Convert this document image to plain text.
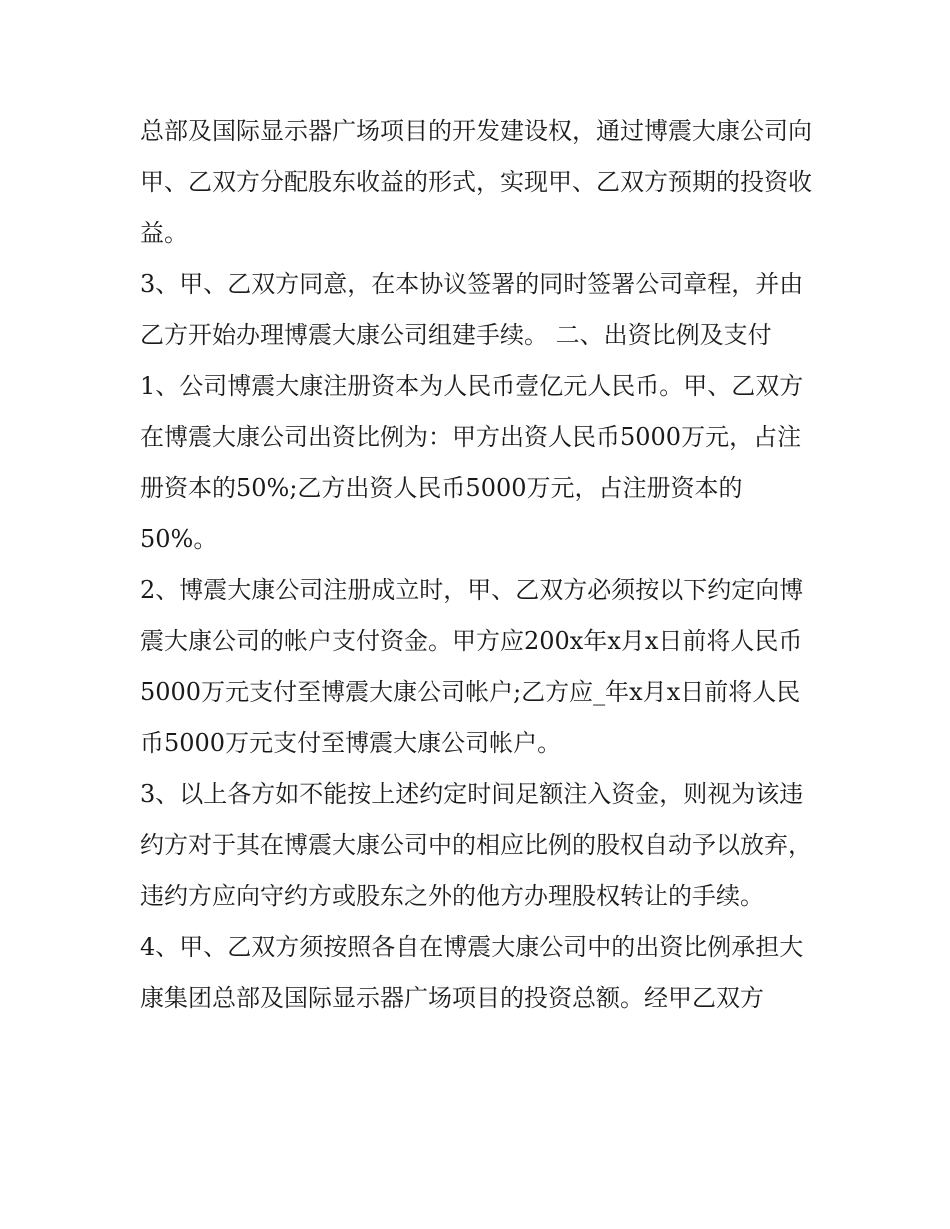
总部及国际显示器广场项目的开发建设权，通过博震大康公司向甲、乙双方分配股东收益的形式，实现甲、乙双方预期的投资收益。

3、甲、乙双方同意，在本协议签署的同时签署公司章程，并由乙方开始办理博震大康公司组建手续。 二、出资比例及支付

1、公司博震大康注册资本为人民币壹亿元人民币。甲、乙双方在博震大康公司出资比例为：甲方出资人民币5000万元，占注册资本的50%;乙方出资人民币5000万元，占注册资本的50%。

2、博震大康公司注册成立时，甲、乙双方必须按以下约定向博震大康公司的帐户支付资金。甲方应200x年x月x日前将人民币5000万元支付至博震大康公司帐户;乙方应_年x月x日前将人民币5000万元支付至博震大康公司帐户。

3、以上各方如不能按上述约定时间足额注入资金，则视为该违约方对于其在博震大康公司中的相应比例的股权自动予以放弃，违约方应向守约方或股东之外的他方办理股权转让的手续。

4、甲、乙双方须按照各自在博震大康公司中的出资比例承担大康集团总部及国际显示器广场项目的投资总额。经甲乙双方
